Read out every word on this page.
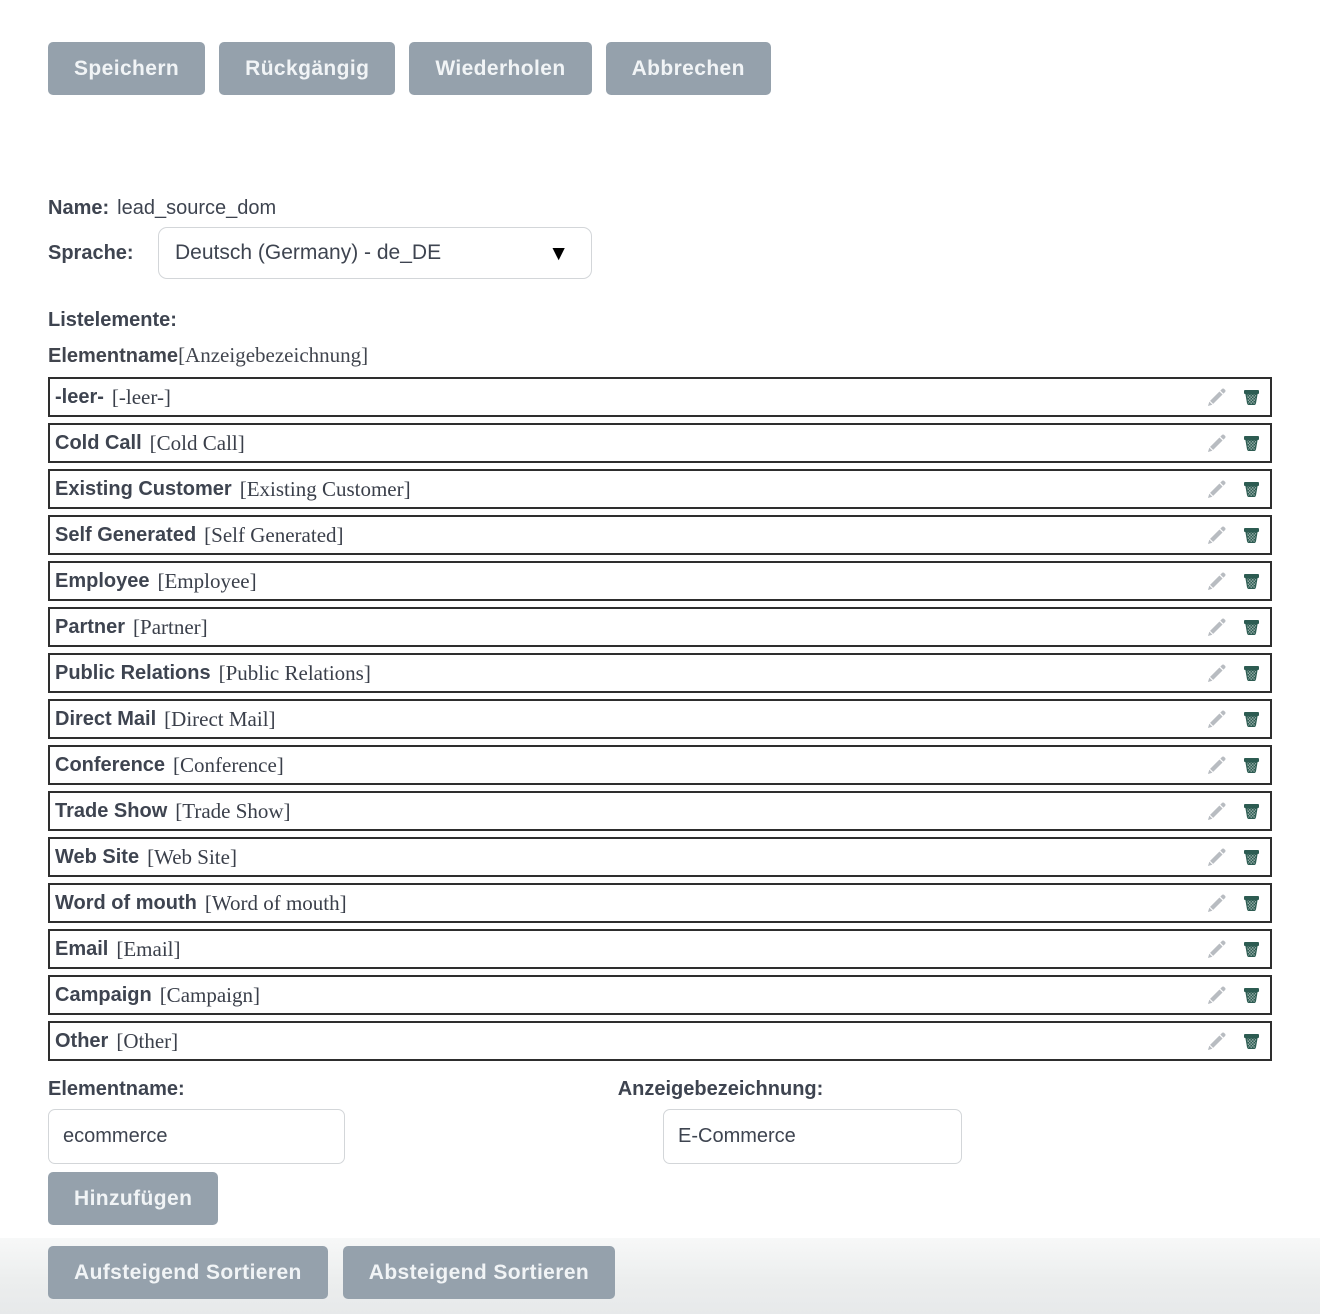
Speichern	Rückgängig	Wiederholen	Abbrechen
Name: lead_source_dom
Sprache:	Deutsch (Germany) - de_DE	▼
Listelemente:
Elementname[Anzeigebezeichnung]
-leer- [-leer-]
Cold Call [Cold Call]
Existing Customer [Existing Customer]
Self Generated [Self Generated]
Employee [Employee]
Partner [Partner]
Public Relations [Public Relations]
Direct Mail [Direct Mail]
Conference [Conference]
Trade Show [Trade Show]
Web Site [Web Site]
Word of mouth [Word of mouth]
Email [Email]
Campaign [Campaign]
Other [Other]
Elementname:	Anzeigebezeichnung:
ecommerce
E-Commerce
Hinzufügen
Aufsteigend Sortieren	Absteigend Sortieren
